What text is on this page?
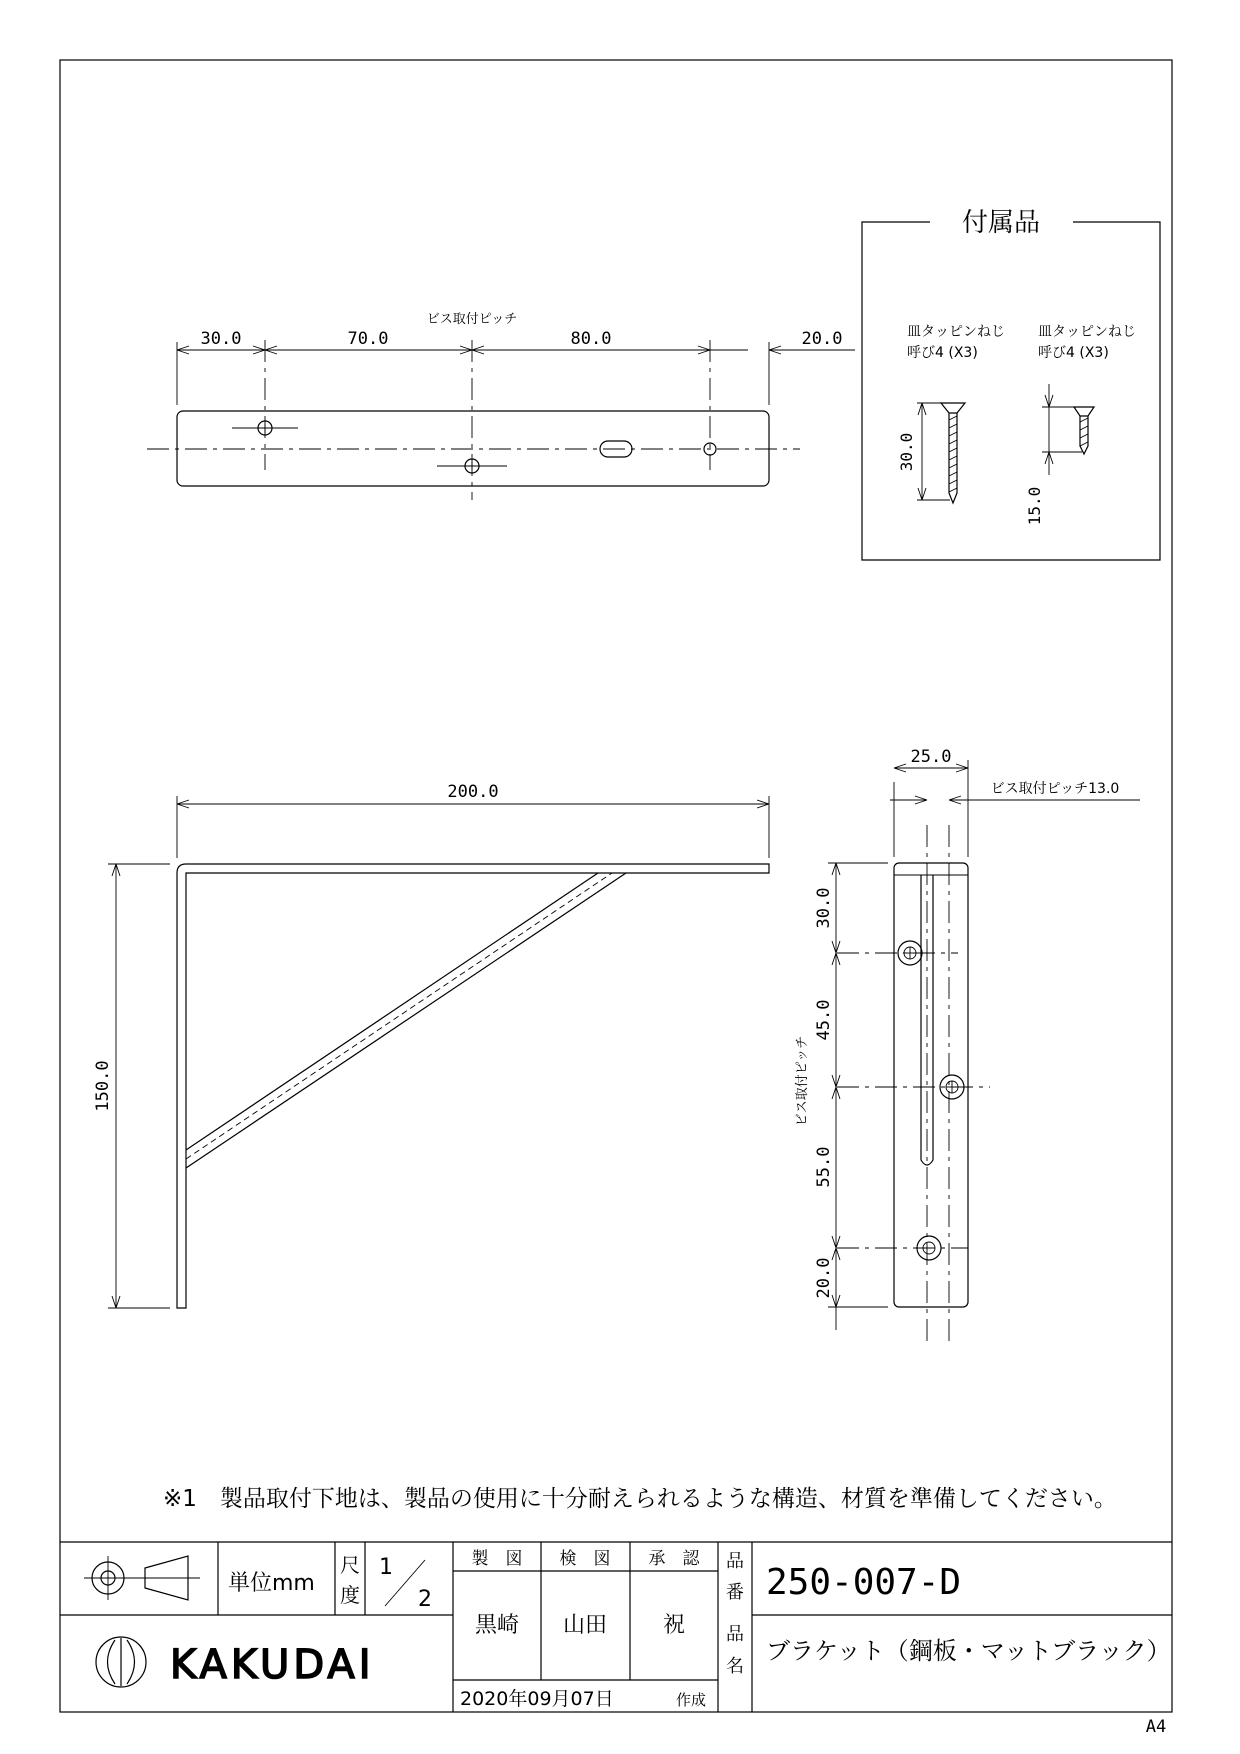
ビス取付ピッチ
30.0	70.0	80.0	20.0
付属品
皿タッピンねじ
呼び4 (X3)
皿タッピンねじ
呼び4 (X3)
30.0
15.0
200.0
150.0
25.0
ビス取付ピッチ13.0
30.0
45.0
55.0
20.0
ビス取付ピッチ
※1　製品取付下地は、製品の使用に十分耐えられるような構造、材質を準備してください。
単位mm
尺
度
1
2
製　図 検　図 承　認
黒崎 山田	祝
2020年09月07日	作成
品
番 250-007-D
品
名
ブラケット（鋼板・マットブラック）
KAKUDAI
A4
